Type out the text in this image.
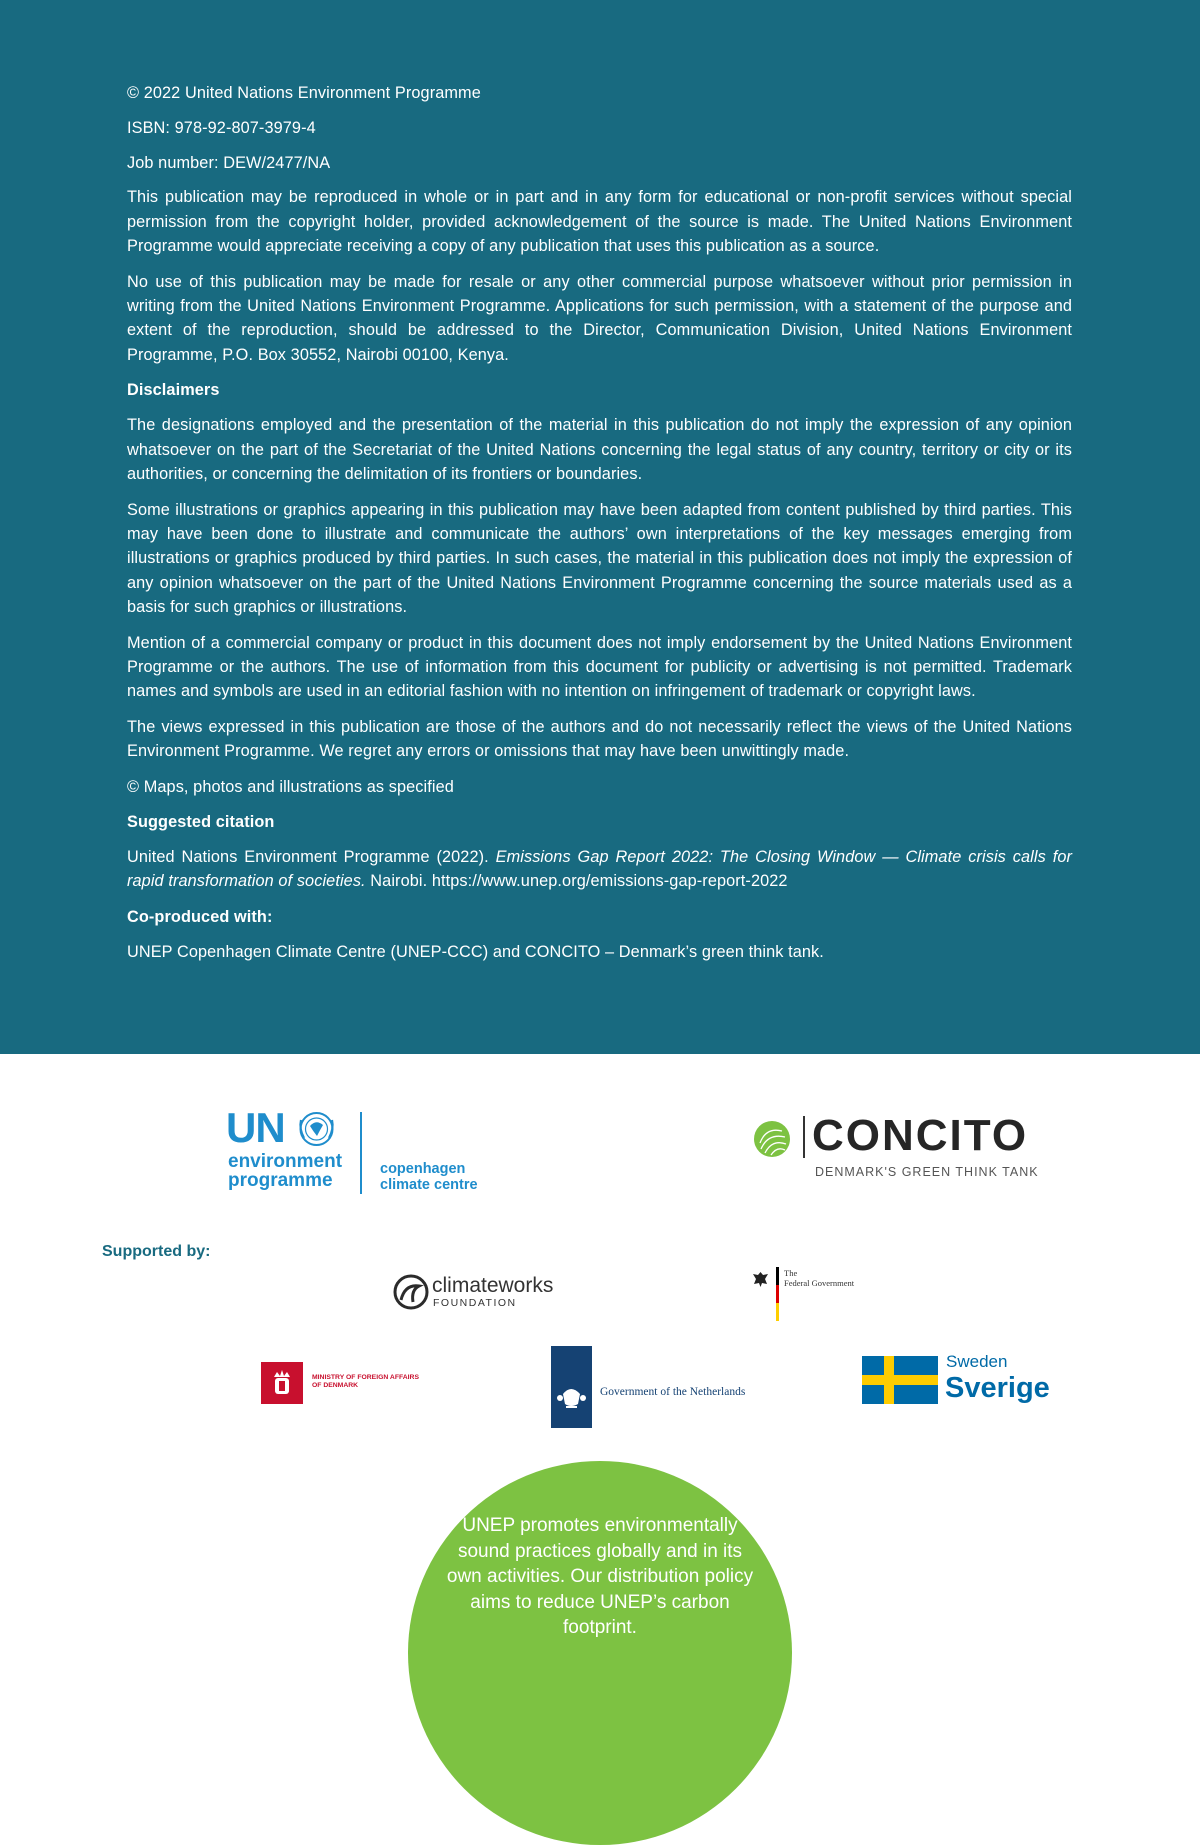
© 2022 United Nations Environment Programme

ISBN: 978-92-807-3979-4

Job number: DEW/2477/NA

This publication may be reproduced in whole or in part and in any form for educational or non-profit services without special permission from the copyright holder, provided acknowledgement of the source is made. The United Nations Environment Programme would appreciate receiving a copy of any publication that uses this publication as a source.

No use of this publication may be made for resale or any other commercial purpose whatsoever without prior permission in writing from the United Nations Environment Programme. Applications for such permission, with a statement of the purpose and extent of the reproduction, should be addressed to the Director, Communication Division, United Nations Environment Programme, P.O. Box 30552, Nairobi 00100, Kenya.

Disclaimers

The designations employed and the presentation of the material in this publication do not imply the expression of any opinion whatsoever on the part of the Secretariat of the United Nations concerning the legal status of any country, territory or city or its authorities, or concerning the delimitation of its frontiers or boundaries.

Some illustrations or graphics appearing in this publication may have been adapted from content published by third parties. This may have been done to illustrate and communicate the authors’ own interpretations of the key messages emerging from illustrations or graphics produced by third parties. In such cases, the material in this publication does not imply the expression of any opinion whatsoever on the part of the United Nations Environment Programme concerning the source materials used as a basis for such graphics or illustrations.

Mention of a commercial company or product in this document does not imply endorsement by the United Nations Environment Programme or the authors. The use of information from this document for publicity or advertising is not permitted. Trademark names and symbols are used in an editorial fashion with no intention on infringement of trademark or copyright laws.

The views expressed in this publication are those of the authors and do not necessarily reflect the views of the United Nations Environment Programme. We regret any errors or omissions that may have been unwittingly made.

© Maps, photos and illustrations as specified

Suggested citation

United Nations Environment Programme (2022). Emissions Gap Report 2022: The Closing Window — Climate crisis calls for rapid transformation of societies. Nairobi. https://www.unep.org/emissions-gap-report-2022

Co-produced with:

UNEP Copenhagen Climate Centre (UNEP-CCC) and CONCITO – Denmark’s green think tank.

UN
environment
programme
copenhagen
climate centre
CONCITO
DENMARK'S GREEN THINK TANK
Supported by:
climateworks
FOUNDATION
The
Federal Government
MINISTRY OF FOREIGN AFFAIRS
OF DENMARK
Government of the Netherlands
Sweden
Sverige
UNEP promotes environmentally sound practices globally and in its own activities. Our distribution policy aims to reduce UNEP’s carbon footprint.
